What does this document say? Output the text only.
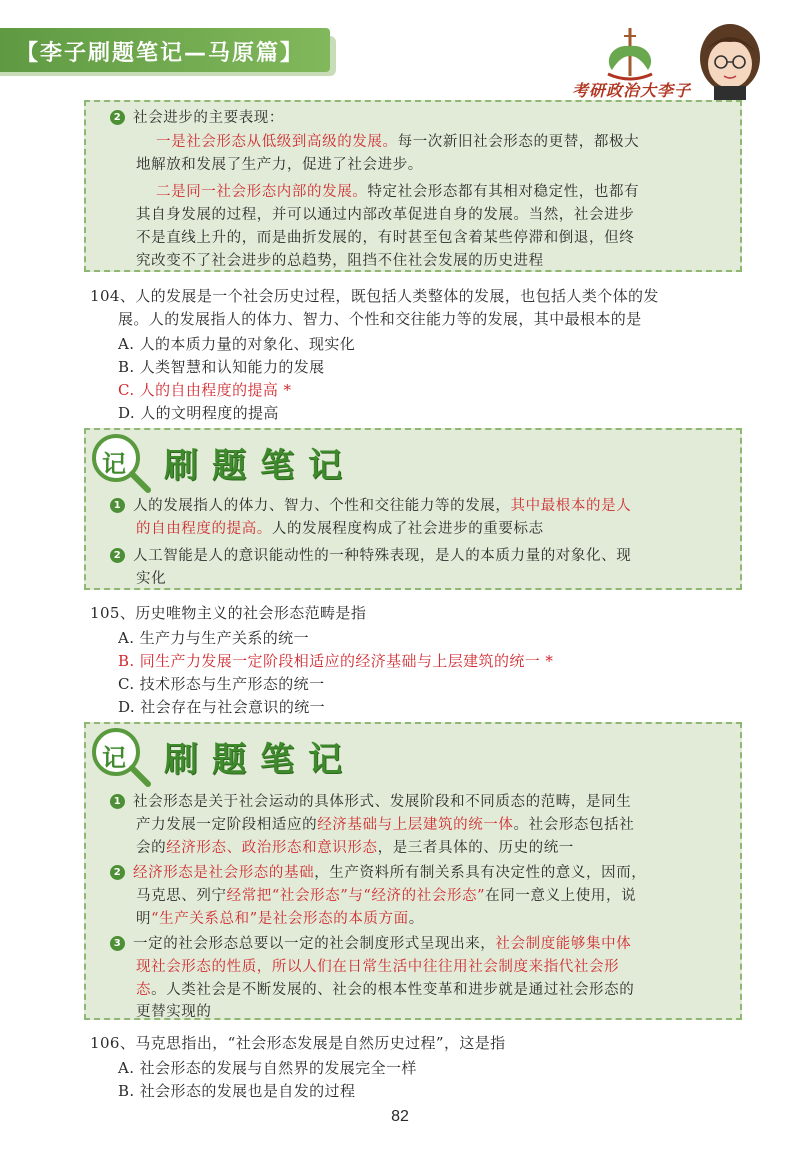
【李子刷题笔记—马原篇】
考研政治大李子
2 社会进步的主要表现：
一是社会形态从低级到高级的发展。每一次新旧社会形态的更替，都极大
地解放和发展了生产力，促进了社会进步。
二是同一社会形态内部的发展。特定社会形态都有其相对稳定性，也都有
其自身发展的过程，并可以通过内部改革促进自身的发展。当然，社会进步
不是直线上升的，而是曲折发展的，有时甚至包含着某些停滞和倒退，但终
究改变不了社会进步的总趋势，阻挡不住社会发展的历史进程
104、人的发展是一个社会历史过程，既包括人类整体的发展，也包括人类个体的发
展。人的发展指人的体力、智力、个性和交往能力等的发展，其中最根本的是
A. 人的本质力量的对象化、现实化
B. 人类智慧和认知能力的发展
C. 人的自由程度的提高 *
D. 人的文明程度的提高
记 刷题笔记
1 人的发展指人的体力、智力、个性和交往能力等的发展，其中最根本的是人
的自由程度的提高。人的发展程度构成了社会进步的重要标志
2 人工智能是人的意识能动性的一种特殊表现，是人的本质力量的对象化、现
实化
105、历史唯物主义的社会形态范畴是指
A. 生产力与生产关系的统一
B. 同生产力发展一定阶段相适应的经济基础与上层建筑的统一 *
C. 技术形态与生产形态的统一
D. 社会存在与社会意识的统一
记 刷题笔记
1 社会形态是关于社会运动的具体形式、发展阶段和不同质态的范畴，是同生
产力发展一定阶段相适应的经济基础与上层建筑的统一体。社会形态包括社
会的经济形态、政治形态和意识形态，是三者具体的、历史的统一
2 经济形态是社会形态的基础，生产资料所有制关系具有决定性的意义，因而，
马克思、列宁经常把“社会形态”与“经济的社会形态”在同一意义上使用，说
明“生产关系总和”是社会形态的本质方面。
3 一定的社会形态总要以一定的社会制度形式呈现出来，社会制度能够集中体
现社会形态的性质，所以人们在日常生活中往往用社会制度来指代社会形
态。人类社会是不断发展的、社会的根本性变革和进步就是通过社会形态的
更替实现的
106、马克思指出，“社会形态发展是自然历史过程”，这是指
A. 社会形态的发展与自然界的发展完全一样
B. 社会形态的发展也是自发的过程
82
